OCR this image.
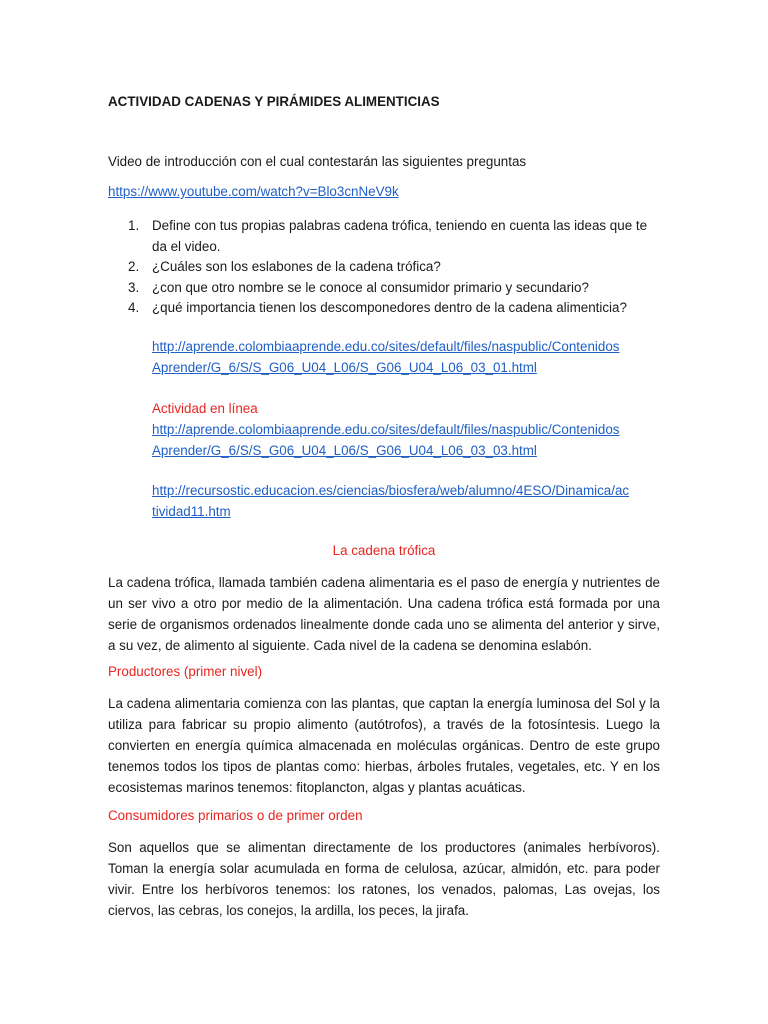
ACTIVIDAD CADENAS Y PIRÁMIDES ALIMENTICIAS
Video de introducción con el cual contestarán las siguientes preguntas
https://www.youtube.com/watch?v=Blo3cnNeV9k
1. Define con tus propias palabras cadena trófica, teniendo en cuenta las ideas que te
da el video.
2. ¿Cuáles son los eslabones de la cadena trófica?
3. ¿con que otro nombre se le conoce al consumidor primario y secundario?
4. ¿qué importancia tienen los descomponedores dentro de la cadena alimenticia?
http://aprende.colombiaaprende.edu.co/sites/default/files/naspublic/Contenidos
Aprender/G_6/S/S_G06_U04_L06/S_G06_U04_L06_03_01.html
Actividad en línea
http://aprende.colombiaaprende.edu.co/sites/default/files/naspublic/Contenidos
Aprender/G_6/S/S_G06_U04_L06/S_G06_U04_L06_03_03.html
http://recursostic.educacion.es/ciencias/biosfera/web/alumno/4ESO/Dinamica/ac
tividad11.htm
La cadena trófica
La cadena trófica, llamada también cadena alimentaria es el paso de energía y nutrientes de un ser vivo a otro por medio de la alimentación. Una cadena trófica está formada por una serie de organismos ordenados linealmente donde cada uno se alimenta del anterior y sirve, a su vez, de alimento al siguiente. Cada nivel de la cadena se denomina eslabón.
Productores (primer nivel)
La cadena alimentaria comienza con las plantas, que captan la energía luminosa del Sol y la utiliza para fabricar su propio alimento (autótrofos), a través de la fotosíntesis. Luego la convierten en energía química almacenada en moléculas orgánicas. Dentro de este grupo tenemos todos los tipos de plantas como: hierbas, árboles frutales, vegetales, etc. Y en los ecosistemas marinos tenemos: fitoplancton, algas y plantas acuáticas.
Consumidores primarios o de primer orden
Son aquellos que se alimentan directamente de los productores (animales herbívoros). Toman la energía solar acumulada en forma de celulosa, azúcar, almidón, etc. para poder vivir. Entre los herbívoros tenemos: los ratones, los venados, palomas, Las ovejas, los ciervos, las cebras, los conejos, la ardilla, los peces, la jirafa.
